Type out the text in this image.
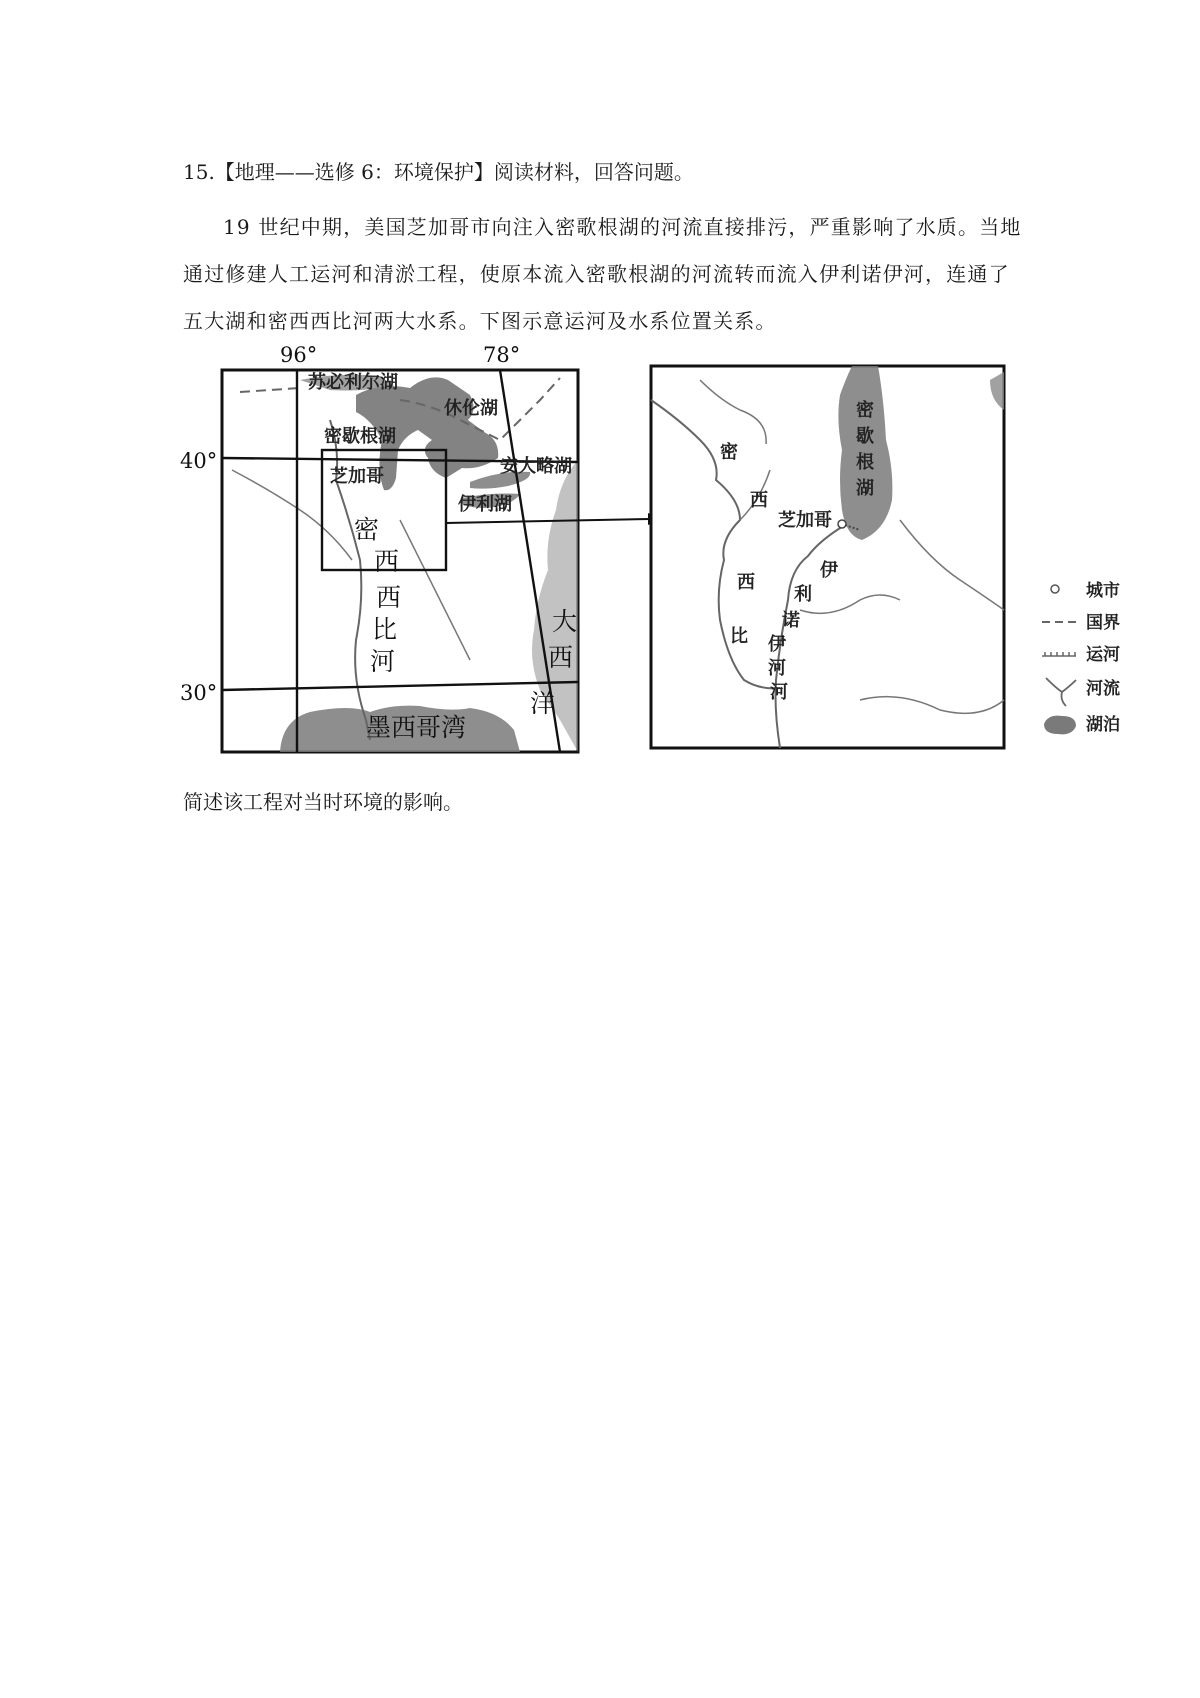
15.【地理——选修 6：环境保护】阅读材料，回答问题。

19 世纪中期，美国芝加哥市向注入密歌根湖的河流直接排污，严重影响了水质。当地通过修建人工运河和清淤工程，使原本流入密歌根湖的河流转而流入伊利诺伊河，连通了五大湖和密西西比河两大水系。下图示意运河及水系位置关系。

96°	78°
40°
30°
苏必利尔湖
休伦湖
密歇根湖
芝加哥	安大略湖
伊利湖
密
西
西
比
河
大
西
洋
墨西哥湾
密
歇
根
湖
密
西
西
比
芝加哥
伊
利
诺
伊
河
河
城市
国界
运河
河流
湖泊
简述该工程对当时环境的影响。
